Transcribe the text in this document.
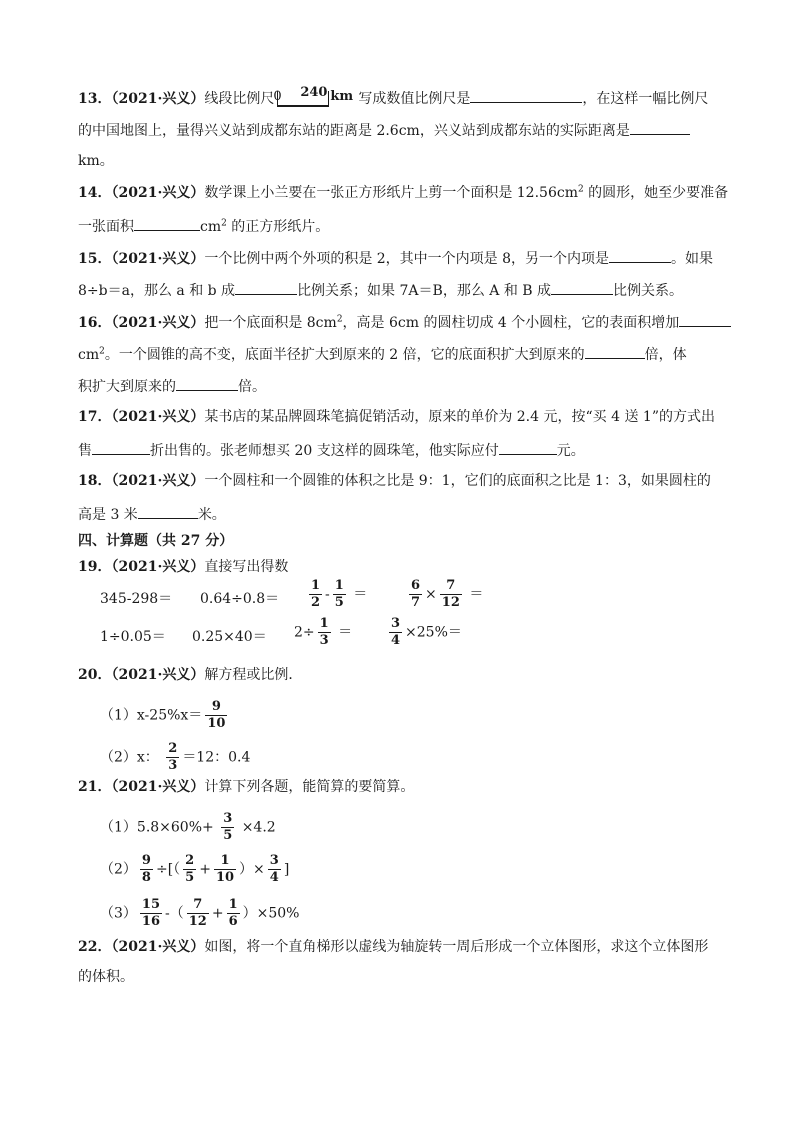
13．（2021·兴义）线段比例尺 0 240 km 写成数值比例尺是	，在这样一幅比例尺
的中国地图上，量得兴义站到成都东站的距离是 2.6cm，兴义站到成都东站的实际距离是
km。
14．（2021·兴义）数学课上小兰要在一张正方形纸片上剪一个面积是 $12.56cm^2$ 的圆形，她至少要准备
一张面积	$cm^2$ 的正方形纸片。
15．（2021·兴义）一个比例中两个外项的积是 2，其中一个内项是 8，另一个内项是	。如果
8÷b＝a，那么 a 和 b 成	比例关系；如果 7A＝B，那么 A 和 B 成	比例关系。
16．（2021·兴义）把一个底面积是 $8cm^2$，高是 6cm 的圆柱切成 4 个小圆柱，它的表面积增加
$cm^2$。一个圆锥的高不变，底面半径扩大到原来的 2 倍，它的底面积扩大到原来的	倍，体
积扩大到原来的	倍。
17．（2021·兴义）某书店的某品牌圆珠笔搞促销活动，原来的单价为 2.4 元，按“买 4 送 1”的方式出
售	折出售的。张老师想买 20 支这样的圆珠笔，他实际应付	元。
18．（2021·兴义）一个圆柱和一个圆锥的体积之比是 9：1，它们的底面积之比是 1：3，如果圆柱的
高是 3 米	米。
四、计算题（共 27 分）
19．（2021·兴义）直接写出得数
$345-298= 0.64\div 0.8= \frac{1}{2} - \frac{1}{5}$ ＝	$\frac{6}{7} \times \frac{7}{12}$ ＝
$1\div 0.05= 0.25\times 40= 2\div \frac{1}{3}$ ＝	$\frac{3}{4} \times 25\%=$
20．（2021·兴义）解方程或比例．
$(1)x-25\%x= \frac{9}{10}$
（2）x： $\frac{2}{3} =12$：0.4
21．（2021·兴义）计算下列各题，能简算的要简算。
$(1)5.8\times 60\%+ \frac{3}{5} \times 4.2$
$(2) \frac{9}{8}$ ÷[（ $\frac{2}{5} + \frac{1}{10}$ ）× $\frac{3}{4}$ ]
$(3) \frac{15}{16}$ -（ $\frac{7}{12} + \frac{1}{6} )\times 50\%$
22．（2021·兴义）如图，将一个直角梯形以虚线为轴旋转一周后形成一个立体图形，求这个立体图形
的体积。
